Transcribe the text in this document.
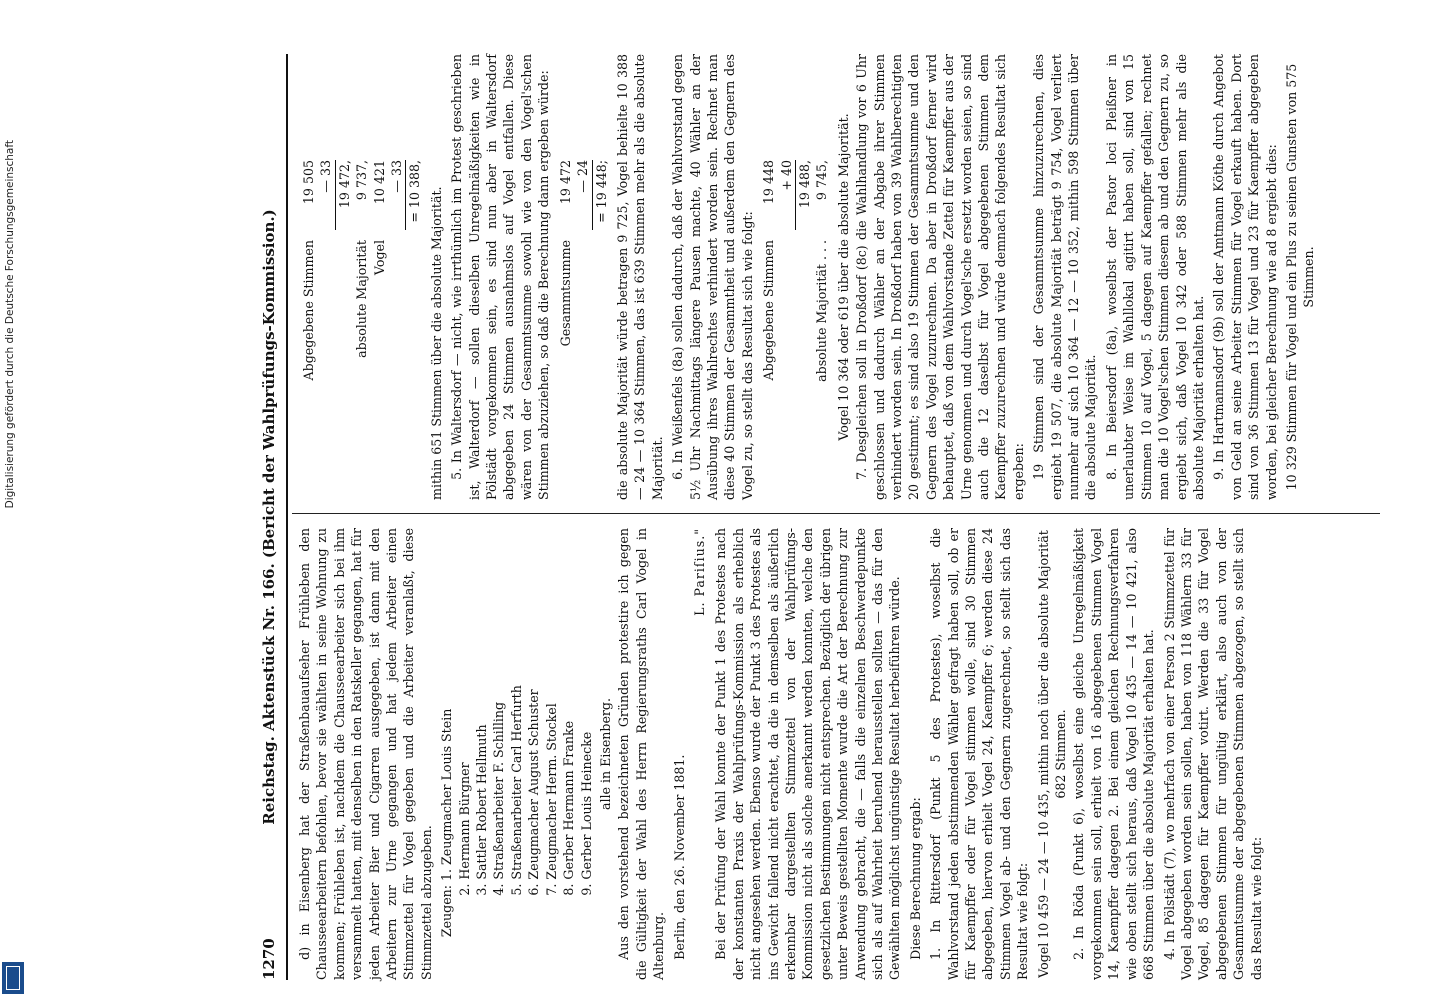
1270
Reichstag. Aktenstück Nr. 166. (Bericht der Wahlprüfungs-Kommission.) d) in Eisenberg hat der Straßenbauaufseher Frühleben den Chausseearbeitern befohlen, bevor sie wählten in seine Wohnung zu kommen; Frühleben ist, nachdem die Chausseearbeiter sich bei ihm versammelt hatten, mit denselben in den Ratskeller gegangen, hat für jeden Arbeiter Bier und Cigarren ausgegeben, ist dann mit den Arbeitern zur Urne gegangen und hat jedem Arbeiter einen Stimmzettel für Vogel gegeben und die Arbeiter veranlaßt, diese Stimmzettel abzugeben. Zeugen: 1. Zeugmacher Louis Stein 2. Hermann Bürgner 3. Sattler Robert Hellmuth 4. Straßenarbeiter F. Schilling 5. Straßenarbeiter Carl Herfurth 6. Zeugmacher August Schuster 7. Zeugmacher Herm. Stockel 8. Gerber Hermann Franke 9. Gerber Louis Heinecke alle in Eisenberg. Aus den vorstehend bezeichneten Gründen protestire ich gegen die Gültigkeit der Wahl des Herrn Regierungsraths Carl Vogel in Altenburg. Berlin, den 26. November 1881.

L. Pariſius." Bei der Prüfung der Wahl konnte der Punkt 1 des Protestes nach der konstanten Praxis der Wahlprüfungs-Kommission als erheblich nicht angesehen werden. Ebenso wurde der Punkt 3 des Protestes als ins Gewicht fallend nicht erachtet, da die in demselben als äußerlich erkennbar dargestellten Stimmzettel von der Wahlprüfungs-Kommission nicht als solche anerkannt werden konnten, welche den gesetzlichen Bestimmungen nicht entsprechen. Bezüglich der übrigen unter Beweis gestellten Momente wurde die Art der Berechnung zur Anwendung gebracht, die — falls die einzelnen Beschwerdepunkte sich als auf Wahrheit beruhend herausstellen sollten — das für den Gewählten möglichst ungünstige Resultat herbeiführen würde. Diese Berechnung ergab: 1. In Rittersdorf (Punkt 5 des Protestes), woselbst die Wahlvorstand jeden abstimmenden Wähler gefragt haben soll, ob er für Kaempffer oder für Vogel stimmen wolle, sind 30 Stimmen abgegeben, hiervon erhielt Vogel 24, Kaempffer 6; werden diese 24 Stimmen Vogel ab- und den Gegnern zugerechnet, so stellt sich das Resultat wie folgt: Vogel 10 459 — 24 — 10 435, mithin noch über die absolute Majorität 682 Stimmen. 2. In Röda (Punkt 6), woselbst eine gleiche Unregelmäßigkeit vorgekommen sein soll, erhielt von 16 abgegebenen Stimmen Vogel 14, Kaempffer dagegen 2. Bei einem gleichen Rechnungsverfahren wie oben stellt sich heraus, daß Vogel 10 435 — 14 — 10 421, also 668 Stimmen über die absolute Majorität erhalten hat. 4. In Pölstädt (7), wo mehrfach von einer Person 2 Stimmzettel für Vogel abgegeben worden sein sollen, haben von 118 Wählern 33 für Vogel, 85 dagegen für Kaempffer votirt. Werden die 33 für Vogel abgegebenen Stimmen für ungültig erklärt, also auch von der Gesammtsumme der abgegebenen Stimmen abgezogen, so stellt sich das Resultat wie folgt:

Abgegebene Stimmen
19 505 — 33 19 472,
absolute Majorität
9 737,
Vogel
10 421 — 33 = 10 388, mithin 651 Stimmen über die absolute Majorität. 5. In Waltersdorf — nicht, wie irrthümlich im Protest geschrieben ist, Walterdorf — sollen dieselben Unregelmäßigkeiten wie in Pölstädt vorgekommen sein, es sind nun aber in Waltersdorf abgegeben 24 Stimmen ausnahmslos auf Vogel entfallen. Diese wären von der Gesammtsumme sowohl wie von den Vogel'schen Stimmen abzuziehen, so daß die Berechnung dann ergeben würde: Gesammtsumme
19 472 — 24 = 19 448; die absolute Majorität würde betragen 9 725, Vogel behielte 10 388 — 24 — 10 364 Stimmen, das ist 639 Stimmen mehr als die absolute Majorität. 6. In Weißenfels (8a) sollen dadurch, daß der Wahlvorstand gegen 5½ Uhr Nachmittags längere Pausen machte, 40 Wähler an der Ausübung ihres Wahlrechtes verhindert worden sein. Rechnet man diese 40 Stimmen der Gesammtheit und außerdem den Gegnern des Vogel zu, so stellt das Resultat sich wie folgt: Abgegebene Stimmen
19 448 + 40 19 488,
absolute Majorität . . .
9 745, Vogel 10 364 oder 619 über die absolute Majorität. 7. Desgleichen soll in Droßdorf (8c) die Wahlhandlung vor 6 Uhr geschlossen und dadurch Wähler an der Abgabe ihrer Stimmen verhindert worden sein. In Droßdorf haben von 39 Wahlberechtigten 20 gestimmt; es sind also 19 Stimmen der Gesammtsumme und den Gegnern des Vogel zuzurechnen. Da aber in Droßdorf ferner wird behauptet, daß von dem Wahlvorstande Zettel für Kaempffer aus der Urne genommen und durch Vogel'sche ersetzt worden seien, so sind auch die 12 daselbst für Vogel abgegebenen Stimmen dem Kaempffer zuzurechnen und würde demnach folgendes Resultat sich ergeben: 19 Stimmen sind der Gesammtsumme hinzuzurechnen, dies ergiebt 19 507, die absolute Majorität beträgt 9 754, Vogel verliert nunmehr auf sich 10 364 — 12 — 10 352, mithin 598 Stimmen über die absolute Majorität. 8. In Beiersdorf (8a), woselbst der Pastor loci Pleißner in unerlaubter Weise im Wahllokal agitirt haben soll, sind von 15 Stimmen 10 auf Vogel, 5 dagegen auf Kaempffer gefallen; rechnet man die 10 Vogel'schen Stimmen diesem ab und den Gegnern zu, so ergiebt sich, daß Vogel 10 342 oder 588 Stimmen mehr als die absolute Majorität erhalten hat. 9. In Hartmannsdorf (9b) soll der Amtmann Köthe durch Angebot von Geld an seine Arbeiter Stimmen für Vogel erkauft haben. Dort sind von 36 Stimmen 13 für Vogel und 23 für Kaempffer abgegeben worden, bei gleicher Berechnung wie ad 8 ergiebt dies: 10 329 Stimmen für Vogel und ein Plus zu seinen Gunsten von 575 Stimmen.
Digitalisierung gefördert durch die Deutsche Forschungsgemeinschaft
